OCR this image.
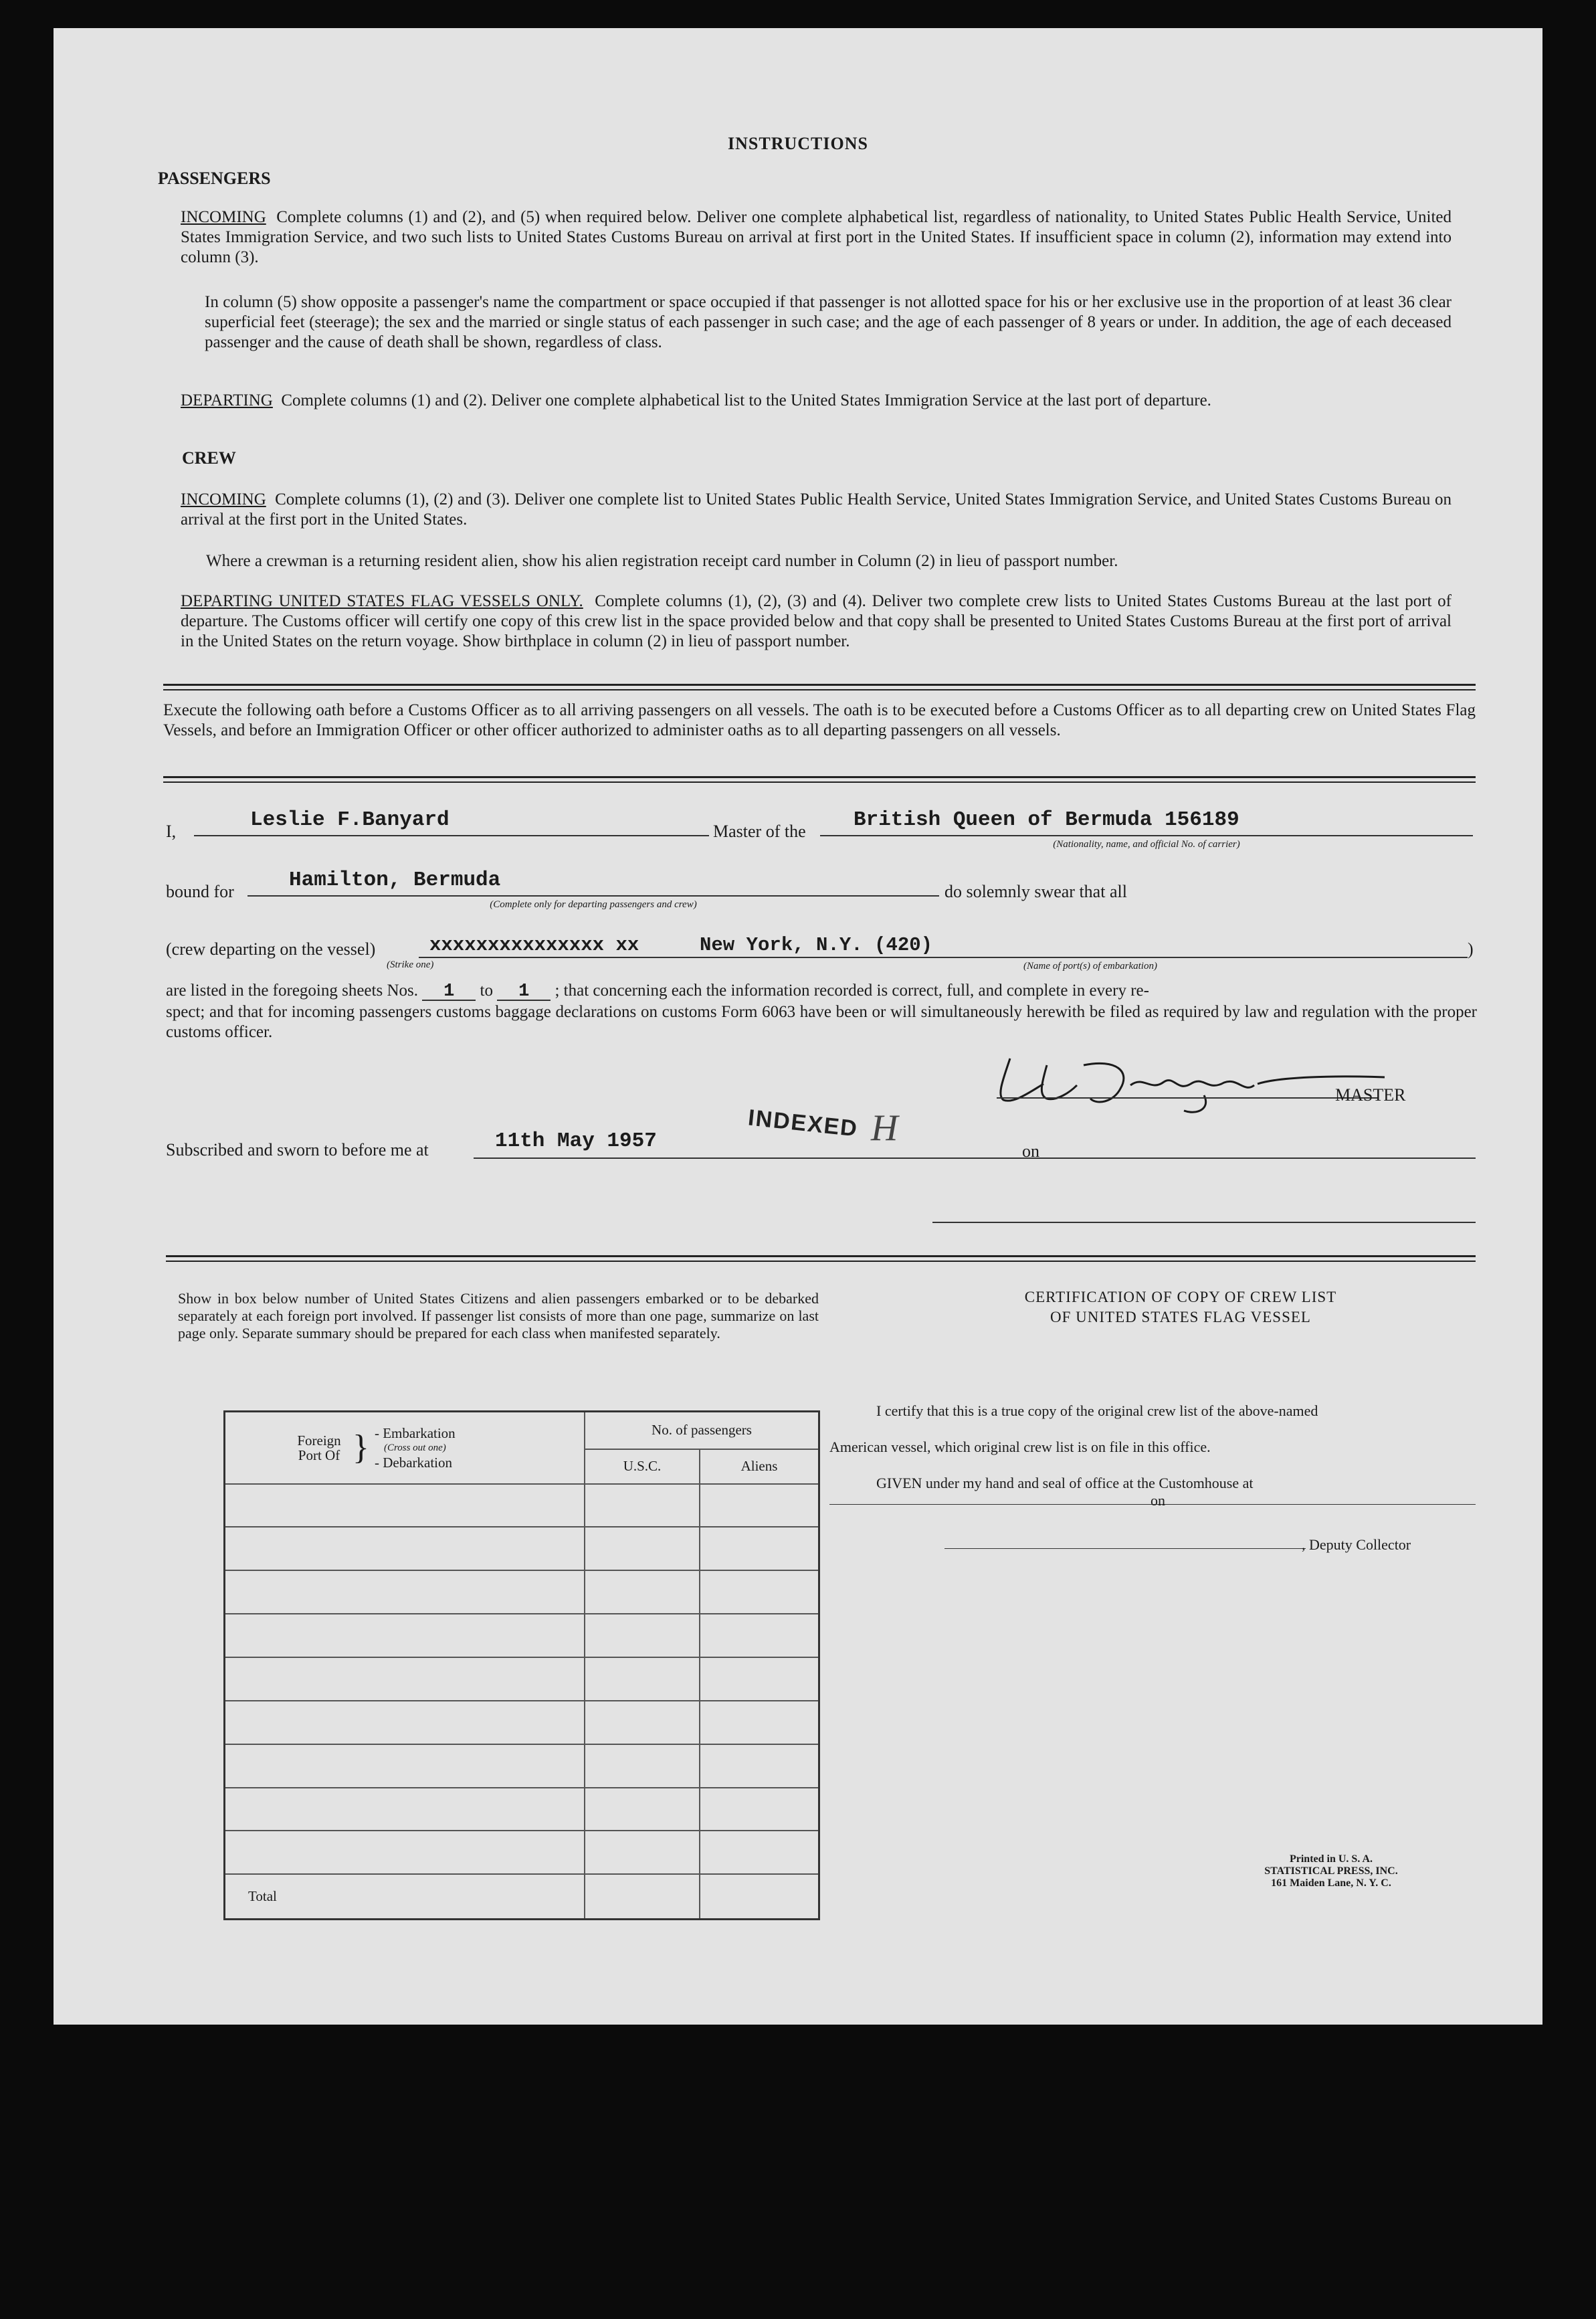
INSTRUCTIONS
PASSENGERS

INCOMING Complete columns (1) and (2), and (5) when required below. Deliver one complete alphabetical list, regardless of nationality, to United States Public Health Service, United States Immigration Service, and two such lists to United States Customs Bureau on arrival at first port in the United States. If insufficient space in column (2), information may extend into column (3).

In column (5) show opposite a passenger's name the compartment or space occupied if that passenger is not allotted space for his or her exclusive use in the proportion of at least 36 clear superficial feet (steerage); the sex and the married or single status of each passenger in such case; and the age of each passenger of 8 years or under. In addition, the age of each deceased passenger and the cause of death shall be shown, regardless of class.

DEPARTING Complete columns (1) and (2). Deliver one complete alphabetical list to the United States Immigration Service at the last port of departure.

CREW

INCOMING Complete columns (1), (2) and (3). Deliver one complete list to United States Public Health Service, United States Immigration Service, and United States Customs Bureau on arrival at the first port in the United States.

Where a crewman is a returning resident alien, show his alien registration receipt card number in Column (2) in lieu of passport number.

DEPARTING UNITED STATES FLAG VESSELS ONLY. Complete columns (1), (2), (3) and (4). Deliver two complete crew lists to United States Customs Bureau at the last port of departure. The Customs officer will certify one copy of this crew list in the space provided below and that copy shall be presented to United States Customs Bureau at the first port of arrival in the United States on the return voyage. Show birthplace in column (2) in lieu of passport number.

Execute the following oath before a Customs Officer as to all arriving passengers on all vessels. The oath is to be executed before a Customs Officer as to all departing crew on United States Flag Vessels, and before an Immigration Officer or other officer authorized to administer oaths as to all departing passengers on all vessels.

I,	Leslie F.Banyard	Master of the British Queen of Bermuda 156189
(Nationality, name, and official No. of carrier)
bound for	Hamilton, Bermuda
(Complete only for departing passengers and crew)
do solemnly swear that all
(crew departing on the vessel)	xxxxxxxxxxxxxxx xx
(Strike one)
New York, N.Y. (420)	)
(Name of port(s) of embarkation)
are listed in the foregoing sheets Nos. 1 to 1 ; that concerning each the information recorded is correct, full, and complete in every re-

spect; and that for incoming passengers customs baggage declarations on customs Form 6063 have been or will simultaneously herewith be filed as required by law and regulation with the proper customs officer.

MASTER
Subscribed and sworn to before me at	11th May 1957	INDEXED H
on

Show in box below number of United States Citizens and alien passengers embarked or to be debarked separately at each foreign port involved. If passenger list consists of more than one page, summarize on last page only. Separate summary should be prepared for each class when manifested separately.

Foreign Port Of } - Embarkation
(Cross out one)
- Debarkation	No. of passengers	
	U.S.C.	Aliens

Total		
CERTIFICATION OF COPY OF CREW LIST
OF UNITED STATES FLAG VESSEL
I certify that this is a true copy of the original crew list of the above-named
American vessel, which original crew list is on file in this office.
GIVEN under my hand and seal of office at the Customhouse at
on
, Deputy Collector
Printed in U. S. A.
STATISTICAL PRESS, INC.
161 Maiden Lane, N. Y. C.
